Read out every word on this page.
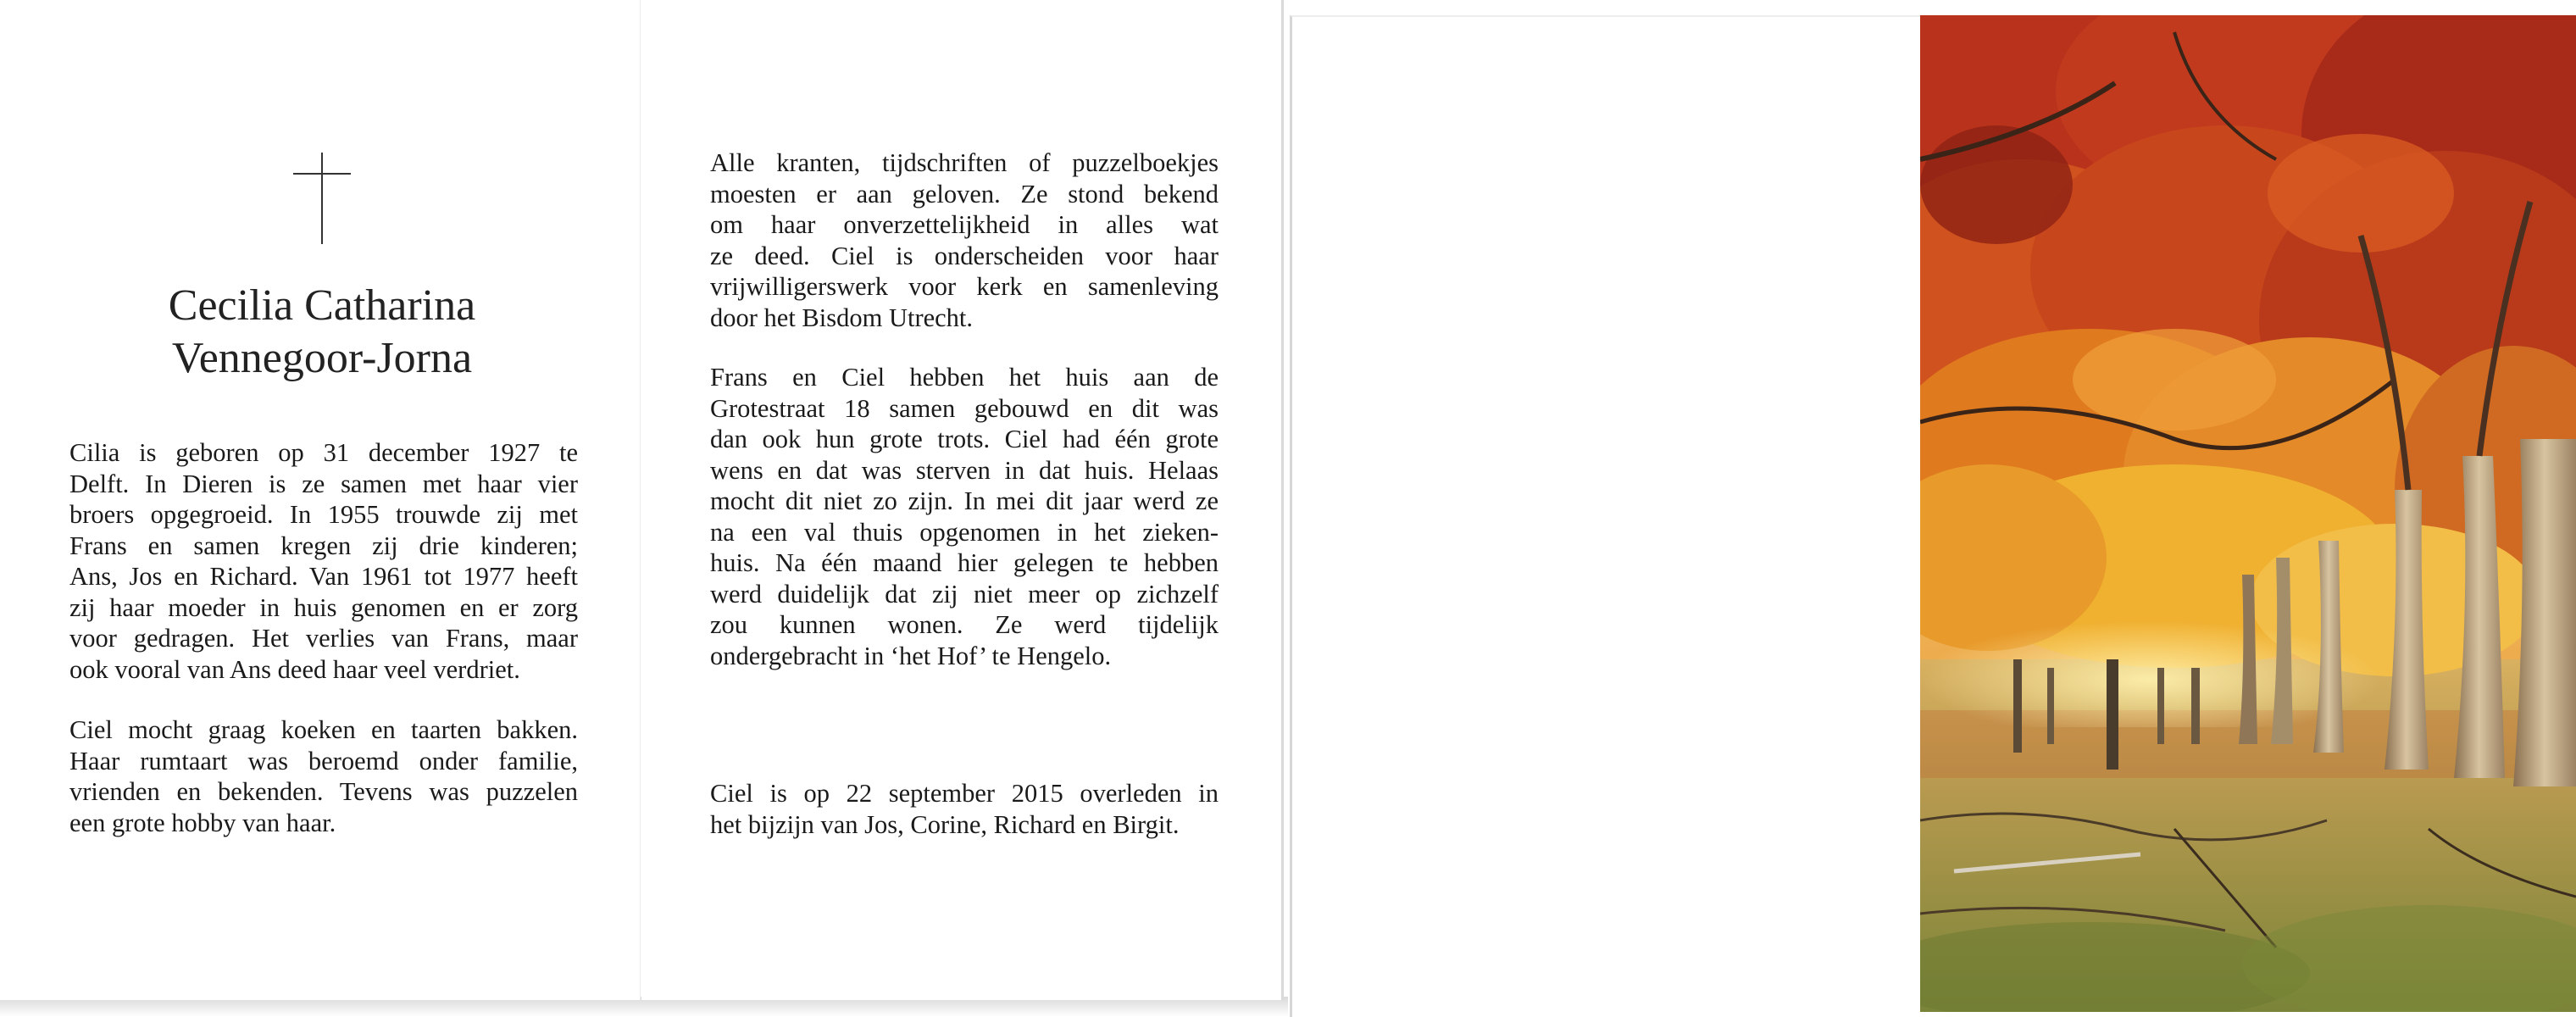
Cecilia Catharina
Vennegoor-Jorna

Cilia is geboren op 31 december 1927 te
Delft. In Dieren is ze samen met haar vier
broers opgegroeid. In 1955 trouwde zij met
Frans en samen kregen zij drie kinderen;
Ans, Jos en Richard. Van 1961 tot 1977 heeft
zij haar moeder in huis genomen en er zorg
voor gedragen. Het verlies van Frans, maar
ook vooral van Ans deed haar veel verdriet.

Ciel mocht graag koeken en taarten bakken.
Haar rumtaart was beroemd onder familie,
vrienden en bekenden. Tevens was puzzelen
een grote hobby van haar.

Alle kranten, tijdschriften of puzzelboekjes
moesten er aan geloven. Ze stond bekend
om haar onverzettelijkheid in alles wat
ze deed. Ciel is onderscheiden voor haar
vrijwilligerswerk voor kerk en samenleving
door het Bisdom Utrecht.

Frans en Ciel hebben het huis aan de
Grotestraat 18 samen gebouwd en dit was
dan ook hun grote trots. Ciel had één grote
wens en dat was sterven in dat huis. Helaas
mocht dit niet zo zijn. In mei dit jaar werd ze
na een val thuis opgenomen in het zieken-
huis. Na één maand hier gelegen te hebben
werd duidelijk dat zij niet meer op zichzelf
zou kunnen wonen. Ze werd tijdelijk
ondergebracht in ‘het Hof’ te Hengelo.

Ciel is op 22 september 2015 overleden in
het bijzijn van Jos, Corine, Richard en Birgit.
